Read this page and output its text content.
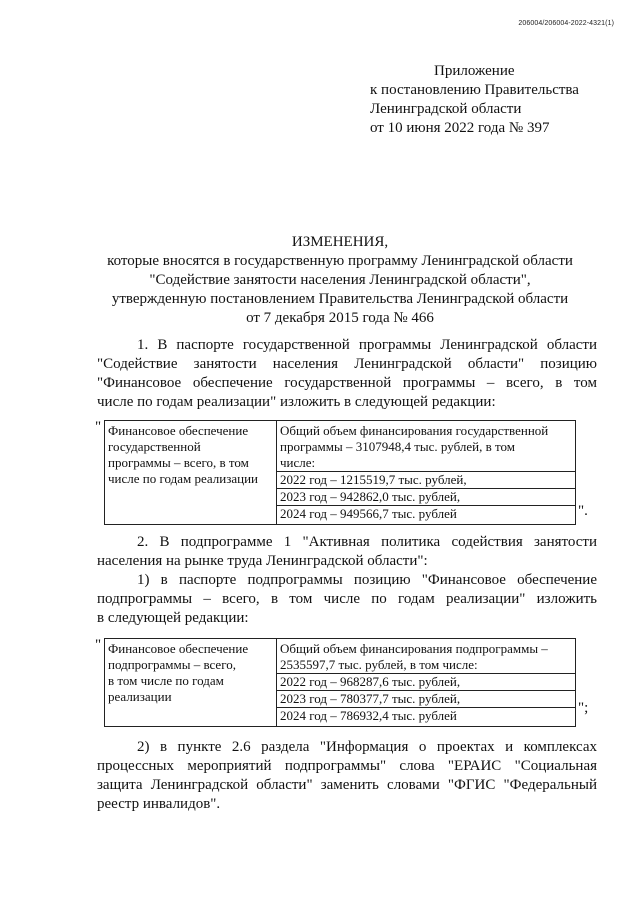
206004/206004-2022-4321(1)
Приложение
к постановлению Правительства
Ленинградской области
от 10 июня 2022 года № 397
ИЗМЕНЕНИЯ,
которые вносятся в государственную программу Ленинградской области
"Содействие занятости населения Ленинградской области",
утвержденную постановлением Правительства Ленинградской области
от 7 декабря 2015 года № 466
1. В паспорте государственной программы Ленинградской области
"Содействие занятости населения Ленинградской области" позицию
"Финансовое обеспечение государственной программы – всего, в том
числе по годам реализации" изложить в следующей редакции:
" Финансовое обеспечение
государственной
программы – всего, в том
числе по годам реализации

Общий объем финансирования государственной
программы – 3107948,4 тыс. рублей, в том
числе:
2022 год – 1215519,7 тыс. рублей,
2023 год – 942862,0 тыс. рублей,
2024 год – 949566,7 тыс. рублей	".
2. В подпрограмме 1 "Активная политика содействия занятости
населения на рынке труда Ленинградской области":
1) в паспорте подпрограммы позицию "Финансовое обеспечение
подпрограммы – всего, в том числе по годам реализации" изложить
в следующей редакции:
" Финансовое обеспечение
подпрограммы – всего,
в том числе по годам
реализации

Общий объем финансирования подпрограммы –
2535597,7 тыс. рублей, в том числе:
2022 год – 968287,6 тыс. рублей,
2023 год – 780377,7 тыс. рублей,
2024 год – 786932,4 тыс. рублей	";
2) в пункте 2.6 раздела "Информация о проектах и комплексах
процессных мероприятий подпрограммы" слова "ЕРАИС "Социальная
защита Ленинградской области" заменить словами "ФГИС "Федеральный
реестр инвалидов".
